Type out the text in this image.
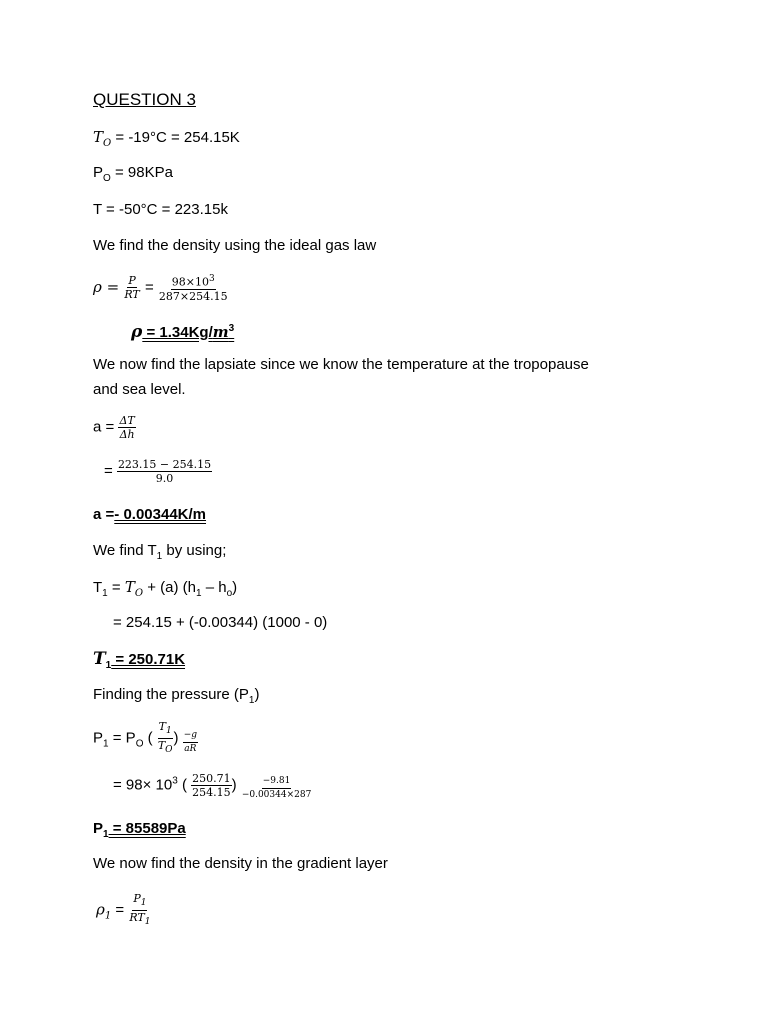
QUESTION 3
$T_O = -19^\circ C = 254.15K$
$P_O = 98KPa$
T = -50°C = 223.15k
We find the density using the ideal gas law
$\rho = \frac{P}{RT} = \frac{98\times 10^3}{287\times 254.15}$
$\rho = 1.34Kg/m^3$
We now find the lapsiate since we know the temperature at the tropopause
and sea level.
$a = \frac{\Delta T}{\Delta h}$
= $\frac{223.15 - 254.15}{9.0}$
a =- 0.00344K/m
We find $T_1$ by using;
$T_1 = T_O + (a)$ $(h_1 - h_o)$
= 254.15 + (-0.00344) (1000 - 0)
$T_1 = 250.71K$
Finding the pressure $(P_1)$
$P_1 = P_O$ ( $\frac{T_1}{T_O}$ ) $\frac{-g}{aR}$
= $98\times 10^3$ ( $\frac{250.71}{254.15}$ ) $\frac{-9.81}{-0.00344\times 287}$
$P_1 = 85589Pa$
We now find the density in the gradient layer
$\rho_1 = \frac{P_1}{RT_1}$
